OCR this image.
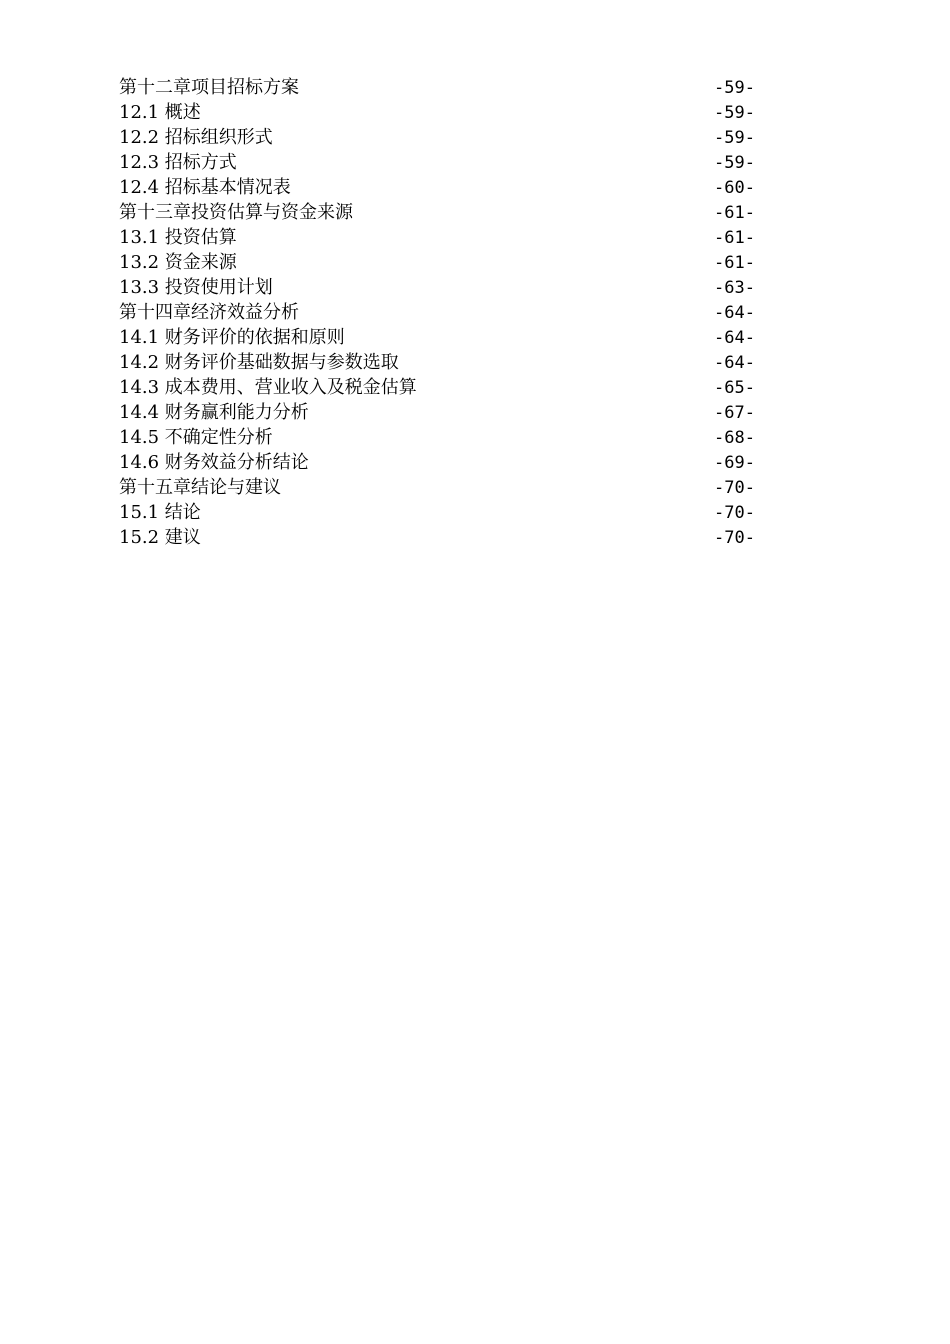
第十二章项目招标方案	-59-
12.1 概述	-59-
12.2 招标组织形式	-59-
12.3 招标方式	-59-
12.4 招标基本情况表	-60-
第十三章投资估算与资金来源	-61-
13.1 投资估算	-61-
13.2 资金来源	-61-
13.3 投资使用计划	-63-
第十四章经济效益分析	-64-
14.1 财务评价的依据和原则	-64-
14.2 财务评价基础数据与参数选取	-64-
14.3 成本费用、营业收入及税金估算	-65-
14.4 财务赢利能力分析	-67-
14.5 不确定性分析	-68-
14.6 财务效益分析结论	-69-
第十五章结论与建议	-70-
15.1 结论	-70-
15.2 建议	-70-
